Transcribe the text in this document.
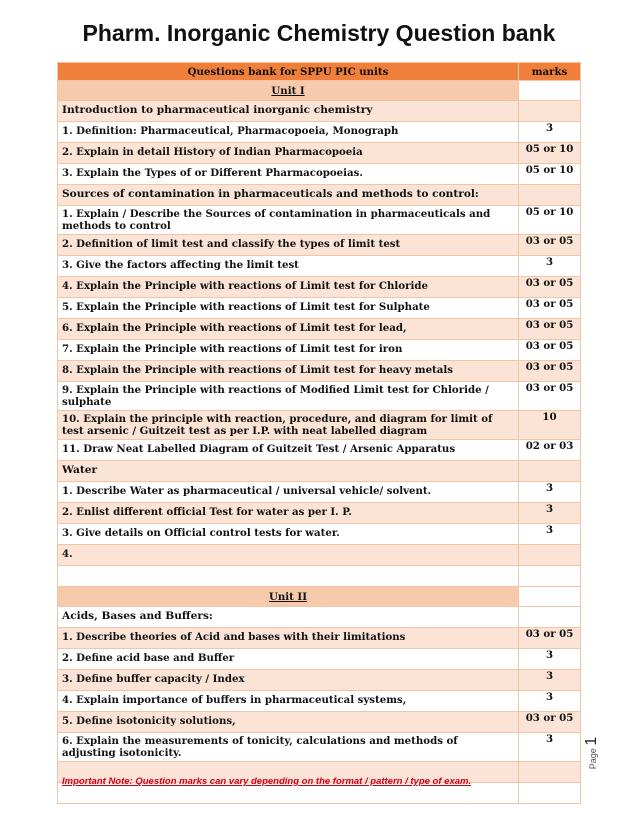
Pharm. Inorganic Chemistry Question bank
Questions bank for SPPU PIC units	marks
Unit I	
Introduction to pharmaceutical inorganic chemistry	
1. Definition: Pharmaceutical, Pharmacopoeia, Monograph	3
2. Explain in detail History of Indian Pharmacopoeia	05 or 10
3. Explain the Types of or Different Pharmacopoeias.	05 or 10
Sources of contamination in pharmaceuticals and methods to control:	
1. Explain / Describe the Sources of contamination in pharmaceuticals and methods to control	05 or 10
2. Definition of limit test and classify the types of limit test	03 or 05
3. Give the factors affecting the limit test	3
4. Explain the Principle with reactions of Limit test for Chloride	03 or 05
5. Explain the Principle with reactions of Limit test for Sulphate	03 or 05
6. Explain the Principle with reactions of Limit test for lead,	03 or 05
7. Explain the Principle with reactions of Limit test for iron	03 or 05
8. Explain the Principle with reactions of Limit test for heavy metals	03 or 05
9. Explain the Principle with reactions of Modified Limit test for Chloride / sulphate	03 or 05
10. Explain the principle with reaction, procedure, and diagram for limit of test arsenic / Guitzeit test as per I.P. with neat labelled diagram	10
11. Draw Neat Labelled Diagram of Guitzeit Test / Arsenic Apparatus	02 or 03
Water	
1. Describe Water as pharmaceutical / universal vehicle/ solvent.	3
2. Enlist different official Test for water as per I. P.	3
3. Give details on Official control tests for water.	3
4.	

Unit II	
Acids, Bases and Buffers:	
1. Describe theories of Acid and bases with their limitations	03 or 05
2. Define acid base and Buffer	3
3. Define buffer capacity / Index	3
4. Explain importance of buffers in pharmaceutical systems,	3
5. Define isotonicity solutions,	03 or 05
6. Explain the measurements of tonicity, calculations and methods of adjusting isotonicity.	3

Page 1
Important Note: Question marks can vary depending on the format / pattern / type of exam.
